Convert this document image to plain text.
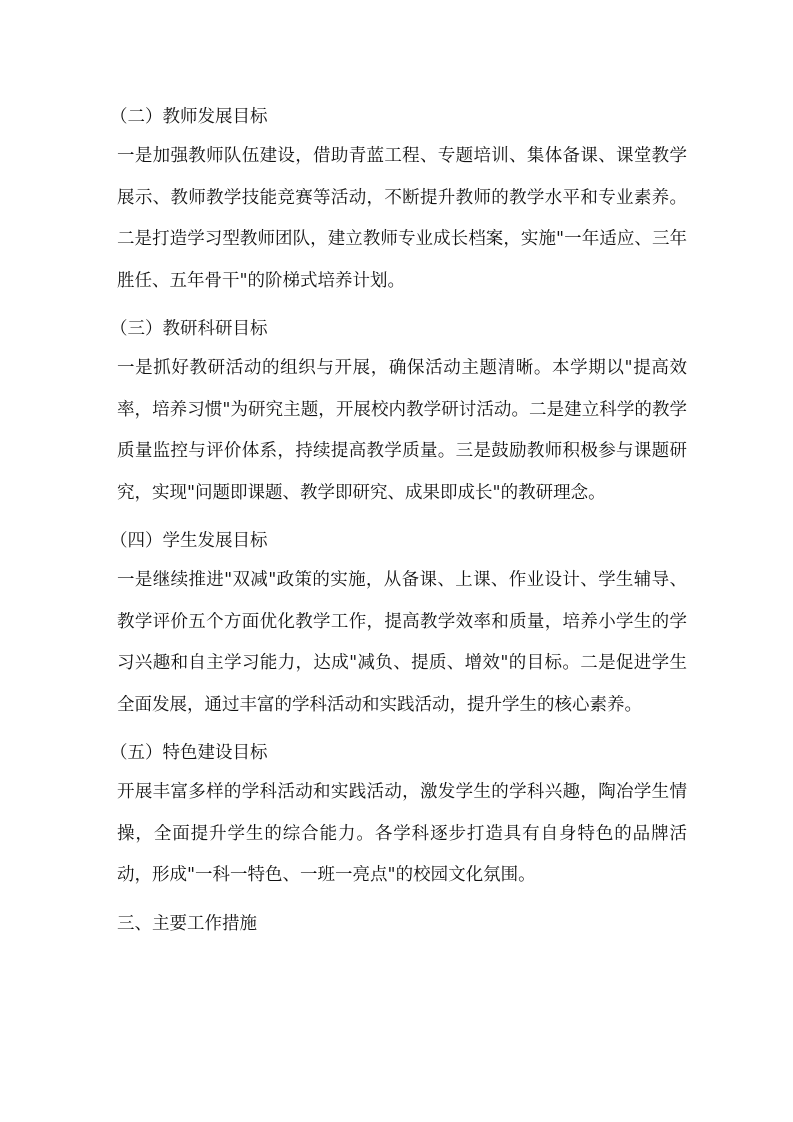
（二）教师发展目标
一是加强教师队伍建设，借助青蓝工程、专题培训、集体备课、课堂教学展示、教师教学技能竞赛等活动，不断提升教师的教学水平和专业素养。二是打造学习型教师团队，建立教师专业成长档案，实施"一年适应、三年胜任、五年骨干"的阶梯式培养计划。
（三）教研科研目标
一是抓好教研活动的组织与开展，确保活动主题清晰。本学期以"提高效率，培养习惯"为研究主题，开展校内教学研讨活动。二是建立科学的教学质量监控与评价体系，持续提高教学质量。三是鼓励教师积极参与课题研究，实现"问题即课题、教学即研究、成果即成长"的教研理念。
（四）学生发展目标
一是继续推进"双减"政策的实施，从备课、上课、作业设计、学生辅导、教学评价五个方面优化教学工作，提高教学效率和质量，培养小学生的学习兴趣和自主学习能力，达成"减负、提质、增效"的目标。二是促进学生全面发展，通过丰富的学科活动和实践活动，提升学生的核心素养。
（五）特色建设目标
开展丰富多样的学科活动和实践活动，激发学生的学科兴趣，陶冶学生情操，全面提升学生的综合能力。各学科逐步打造具有自身特色的品牌活动，形成"一科一特色、一班一亮点"的校园文化氛围。
三、主要工作措施
